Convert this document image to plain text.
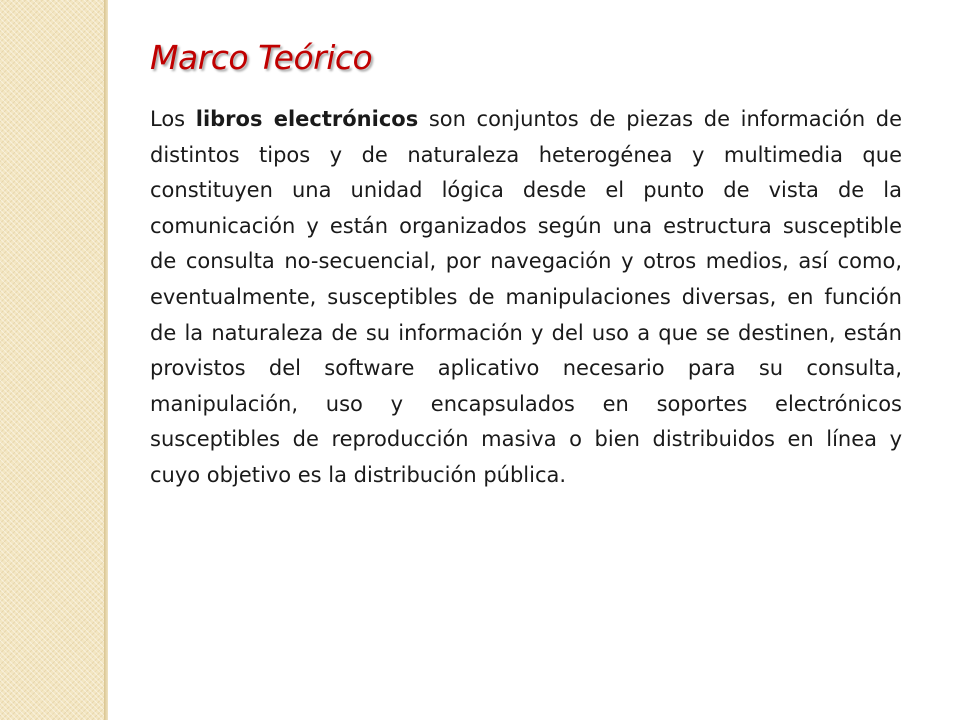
Marco Teórico

Los libros electrónicos son conjuntos de piezas de información de distintos tipos y de naturaleza heterogénea y multimedia que constituyen una unidad lógica desde el punto de vista de la comunicación y están organizados según una estructura susceptible de consulta no-secuencial, por navegación y otros medios, así como, eventualmente, susceptibles de manipulaciones diversas, en función de la naturaleza de su información y del uso a que se destinen, están provistos del software aplicativo necesario para su consulta, manipulación, uso y encapsulados en soportes electrónicos susceptibles de reproducción masiva o bien distribuidos en línea y cuyo objetivo es la distribución pública.
